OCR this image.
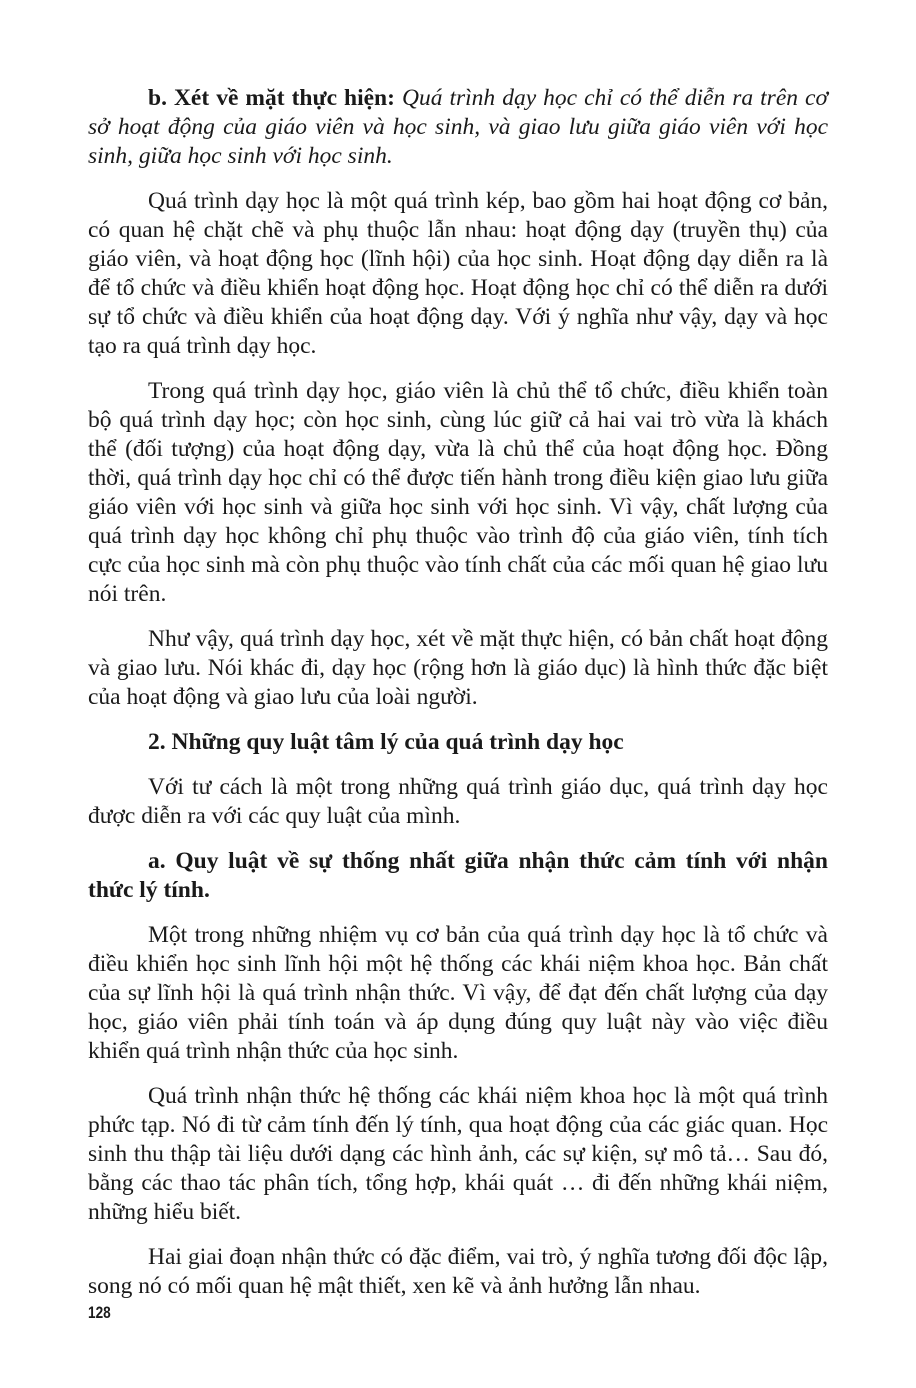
b. Xét về mặt thực hiện: Quá trình dạy học chỉ có thể diễn ra trên cơ sở hoạt động của giáo viên và học sinh, và giao lưu giữa giáo viên với học sinh, giữa học sinh với học sinh.

Quá trình dạy học là một quá trình kép, bao gồm hai hoạt động cơ bản, có quan hệ chặt chẽ và phụ thuộc lẫn nhau: hoạt động dạy (truyền thụ) của giáo viên, và hoạt động học (lĩnh hội) của học sinh. Hoạt động dạy diễn ra là để tổ chức và điều khiển hoạt động học. Hoạt động học chỉ có thể diễn ra dưới sự tổ chức và điều khiển của hoạt động dạy. Với ý nghĩa như vậy, dạy và học tạo ra quá trình dạy học.

Trong quá trình dạy học, giáo viên là chủ thể tổ chức, điều khiển toàn bộ quá trình dạy học; còn học sinh, cùng lúc giữ cả hai vai trò vừa là khách thể (đối tượng) của hoạt động dạy, vừa là chủ thể của hoạt động học. Đồng thời, quá trình dạy học chỉ có thể được tiến hành trong điều kiện giao lưu giữa giáo viên với học sinh và giữa học sinh với học sinh. Vì vậy, chất lượng của quá trình dạy học không chỉ phụ thuộc vào trình độ của giáo viên, tính tích cực của học sinh mà còn phụ thuộc vào tính chất của các mối quan hệ giao lưu nói trên.

Như vậy, quá trình dạy học, xét về mặt thực hiện, có bản chất hoạt động và giao lưu. Nói khác đi, dạy học (rộng hơn là giáo dục) là hình thức đặc biệt của hoạt động và giao lưu của loài người.

2. Những quy luật tâm lý của quá trình dạy học

Với tư cách là một trong những quá trình giáo dục, quá trình dạy học được diễn ra với các quy luật của mình.

a. Quy luật về sự thống nhất giữa nhận thức cảm tính với nhận thức lý tính.

Một trong những nhiệm vụ cơ bản của quá trình dạy học là tổ chức và điều khiển học sinh lĩnh hội một hệ thống các khái niệm khoa học. Bản chất của sự lĩnh hội là quá trình nhận thức. Vì vậy, để đạt đến chất lượng của dạy học, giáo viên phải tính toán và áp dụng đúng quy luật này vào việc điều khiển quá trình nhận thức của học sinh.

Quá trình nhận thức hệ thống các khái niệm khoa học là một quá trình phức tạp. Nó đi từ cảm tính đến lý tính, qua hoạt động của các giác quan. Học sinh thu thập tài liệu dưới dạng các hình ảnh, các sự kiện, sự mô tả… Sau đó, bằng các thao tác phân tích, tổng hợp, khái quát … đi đến những khái niệm, những hiểu biết.

Hai giai đoạn nhận thức có đặc điểm, vai trò, ý nghĩa tương đối độc lập, song nó có mối quan hệ mật thiết, xen kẽ và ảnh hưởng lẫn nhau.

128
